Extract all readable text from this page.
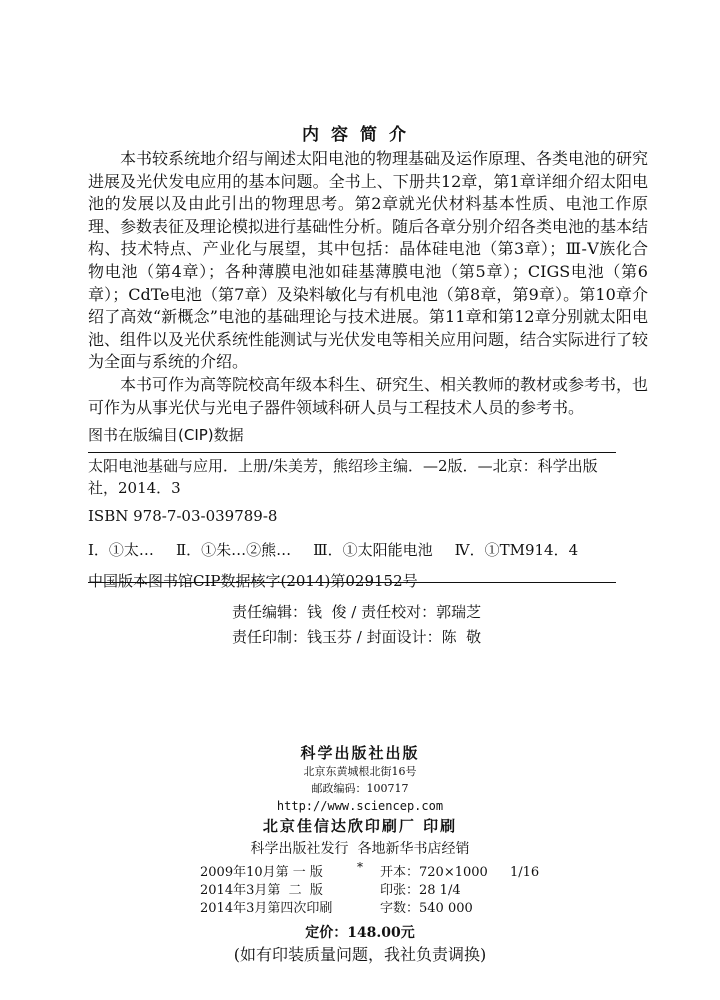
内容简介

本书较系统地介绍与阐述太阳电池的物理基础及运作原理、各类电池的研究进展及光伏发电应用的基本问题。全书上、下册共12章，第1章详细介绍太阳电池的发展以及由此引出的物理思考。第2章就光伏材料基本性质、电池工作原理、参数表征及理论模拟进行基础性分析。随后各章分别介绍各类电池的基本结构、技术特点、产业化与展望，其中包括：晶体硅电池（第3章）；Ⅲ-Ⅴ族化合物电池（第4章）；各种薄膜电池如硅基薄膜电池（第5章）；CIGS电池（第6章）；CdTe电池（第7章）及染料敏化与有机电池（第8章，第9章）。第10章介绍了高效“新概念”电池的基础理论与技术进展。第11章和第12章分别就太阳电池、组件以及光伏系统性能测试与光伏发电等相关应用问题，结合实际进行了较为全面与系统的介绍。

本书可作为高等院校高年级本科生、研究生、相关教师的教材或参考书，也可作为从事光伏与光电子器件领域科研人员与工程技术人员的参考书。

图书在版编目(CIP)数据
太阳电池基础与应用．上册/朱美芳，熊绍珍主编．—2版．—北京：科学出版
社，2014．3
ISBN 978-7-03-039789-8
Ⅰ．①太… Ⅱ．①朱…②熊… Ⅲ．①太阳能电池 Ⅳ．①TM914．4
中国版本图书馆CIP数据核字(2014)第029152号
责任编辑：钱  俊 / 责任校对：郭瑞芝
责任印制：钱玉芬 / 封面设计：陈  敬
科学出版社出版
北京东黄城根北街16号
邮政编码：100717
http://www.sciencep.com
北京佳信达欣印刷厂 印刷
科学出版社发行  各地新华书店经销
*
2009年10月第 一 版	开本：720×1000	1/16
2014年3月第  二  版	印张：28 1/4
2014年3月第四次印刷	字数：540 000
定价：148.00元
(如有印装质量问题，我社负责调换)
